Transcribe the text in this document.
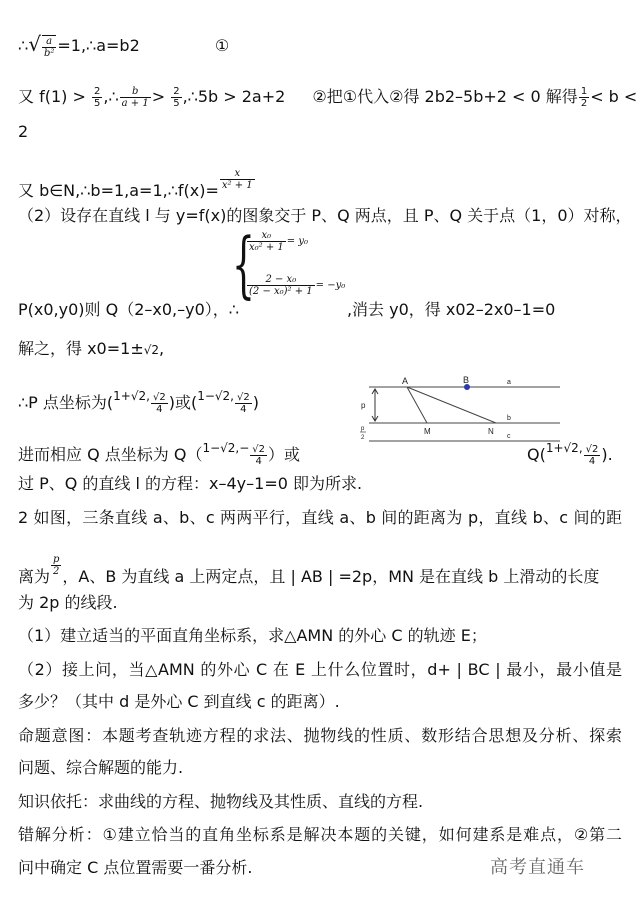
∴√ $\frac{a}{\text{b²}}$ =1,∴a=b2	①
又 $f(1) > \frac{2}{5}$ ,∴ $\frac{b}{a + 1} > \frac{2}{5}$ ,∴5b > 2a+2 ②把①代入②得 2b2–5b+2 < 0 解得 $\frac{1}{2} < b$ <
2
又 b∈N,∴b=1,a=1,∴f(x)= $\frac{x}{\text{x² + 1}}$
（2）设存在直线 l 与 y=f(x)的图象交于 P、Q 两点，且 P、Q 关于点（1，0）对称，
{
$\frac{\text{x₀}}{\text{x₀² + 1}} = y_0$
$\frac{\text{2 − x₀}}{\text{(2 − x₀)² + 1}} = -y_0$
P(x0,y0)则 Q（2–x0,–y0），∴	,消去 y0，得 x02–2x0–1=0
解之，得 x0=1±√2,
∴P 点坐标为($^{1+√2,} \frac{√2}{4}$ )或($^{1-√2,} \frac{√2}{4}$ )
A	B	a
p
p
2
M	N
b
c
进而相应 Q 点坐标为 $Q(^{1-√2,-} \frac{√2}{4}$ ）或	$Q(^{1+√2,} \frac{√2}{4}$ ).
过 P、Q 的直线 l 的方程：x–4y–1=0 即为所求.
2 如图，三条直线 a、b、c 两两平行，直线 a、b 间的距离为 p，直线 b、c 间的距
离为 $\frac{p}{2}$ ，A、B 为直线 a 上两定点，且 | AB | =2p，MN 是在直线 b 上滑动的长度
为 2p 的线段.
（1）建立适当的平面直角坐标系，求△AMN 的外心 C 的轨迹 E；
（2）接上问，当△AMN 的外心 C 在 E 上什么位置时，d+ | BC | 最小，最小值是
多少？（其中 d 是外心 C 到直线 c 的距离）.
命题意图：本题考查轨迹方程的求法、抛物线的性质、数形结合思想及分析、探索
问题、综合解题的能力.
知识依托：求曲线的方程、抛物线及其性质、直线的方程.
错解分析：①建立恰当的直角坐标系是解决本题的关键，如何建系是难点，②第二
问中确定 C 点位置需要一番分析.	高考直通车
